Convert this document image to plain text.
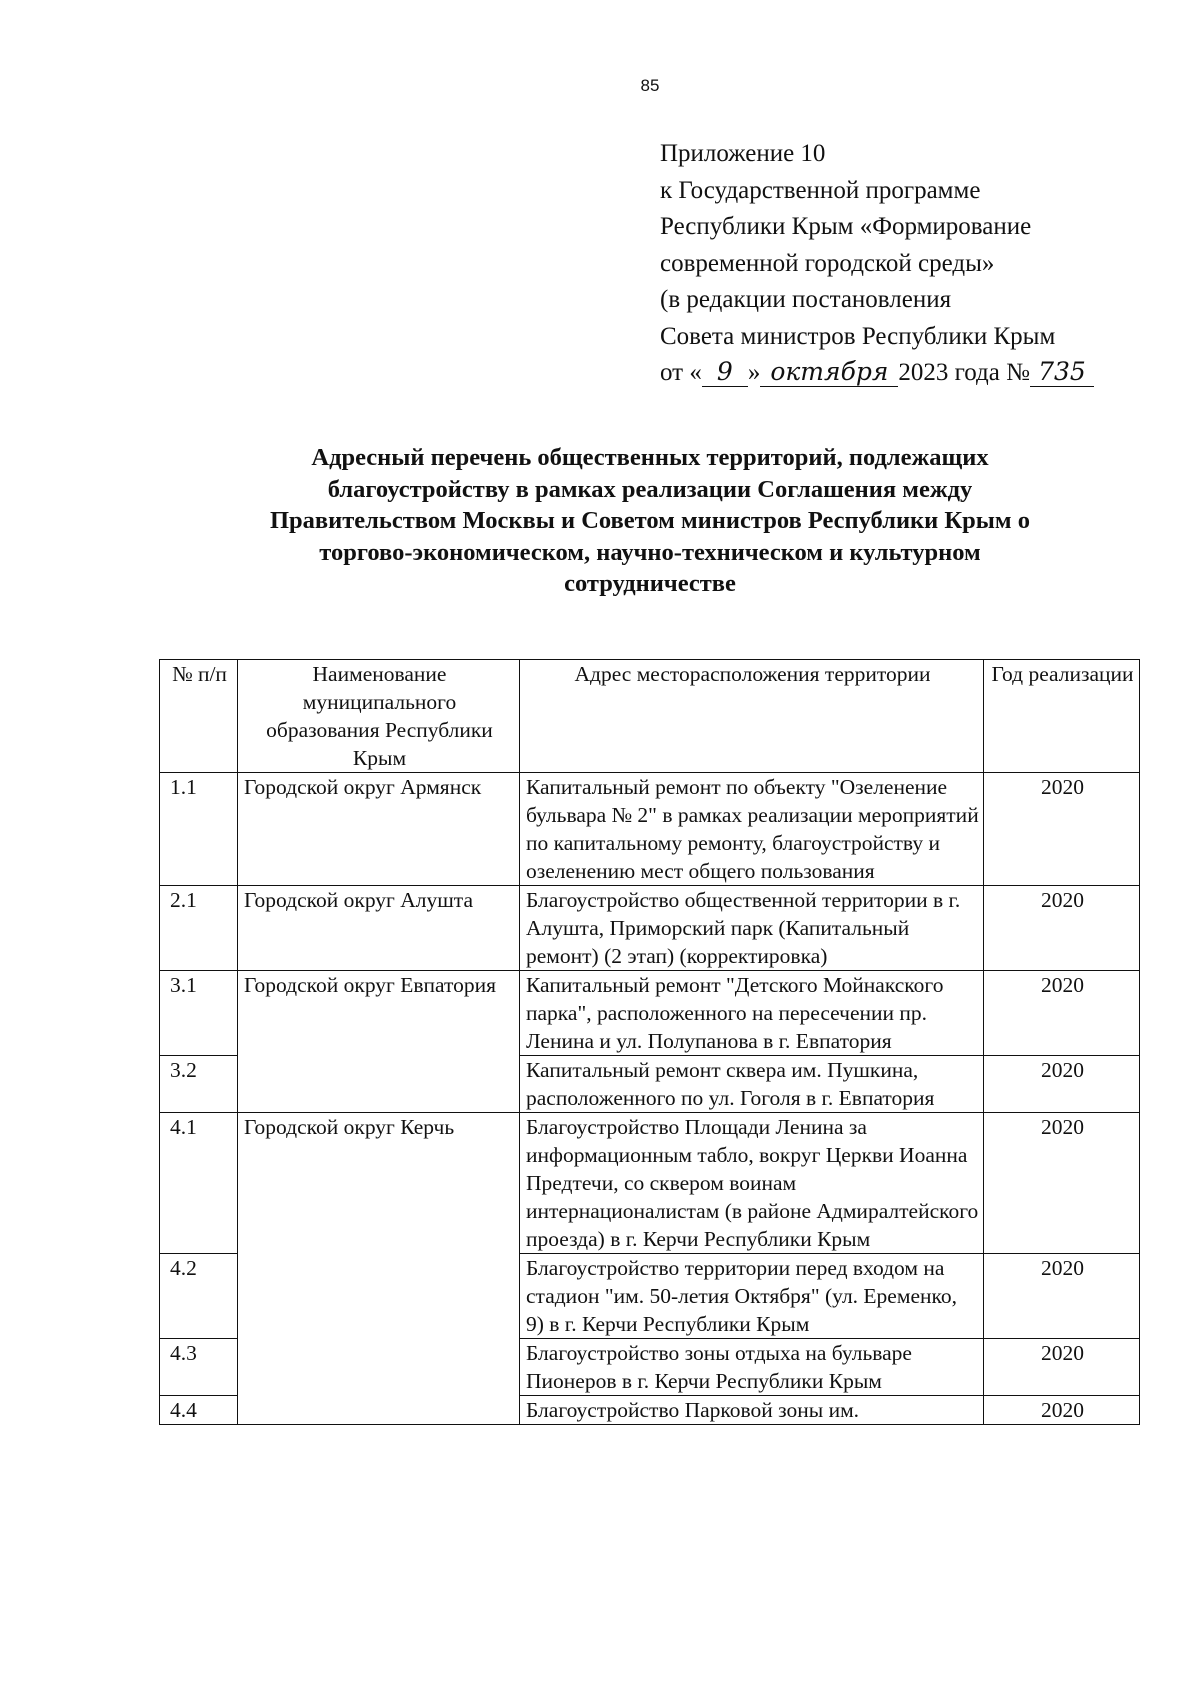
85
Приложение 10
к Государственной программе
Республики Крым «Формирование
современной городской среды»
(в редакции постановления
Совета министров Республики Крым
от « 9 » октября 2023 года № 735
Адресный перечень общественных территорий, подлежащих
благоустройству в рамках реализации Соглашения между
Правительством Москвы и Советом министров Республики Крым о
торгово-экономическом, научно-техническом и культурном
сотрудничестве
№ п/п	Наименование муниципального образования Республики Крым	Адрес месторасположения территории	Год реализации
1.1	Городской округ Армянск	Капитальный ремонт по объекту "Озеленение бульвара № 2" в рамках реализации мероприятий по капитальному ремонту, благоустройству и озеленению мест общего пользования	2020
2.1	Городской округ Алушта	Благоустройство общественной территории в г. Алушта, Приморский парк (Капитальный ремонт) (2 этап) (корректировка)	2020
3.1	Городской округ Евпатория	Капитальный ремонт "Детского Мойнакского парка", расположенного на пересечении пр. Ленина и ул. Полупанова в г. Евпатория	2020
3.2		Капитальный ремонт сквера им. Пушкина, расположенного по ул. Гоголя в г. Евпатория	2020
4.1	Городской округ Керчь	Благоустройство Площади Ленина за информационным табло, вокруг Церкви Иоанна Предтечи, со сквером воинам интернационалистам (в районе Адмиралтейского проезда) в г. Керчи Республики Крым	2020
4.2		Благоустройство территории перед входом на стадион "им. 50-летия Октября" (ул. Еременко, 9) в г. Керчи Республики Крым	2020
4.3		Благоустройство зоны отдыха на бульваре Пионеров в г. Керчи Республики Крым	2020
4.4		Благоустройство Парковой зоны им.	2020
